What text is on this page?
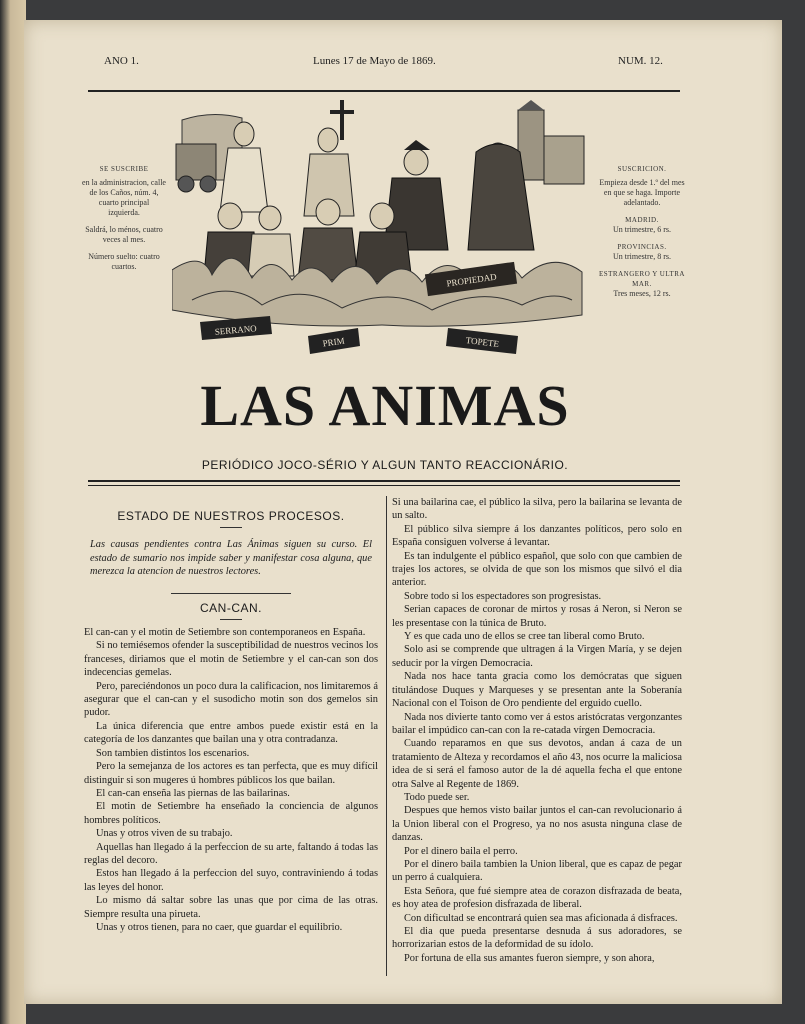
ANO 1.	Lunes 17 de Mayo de 1869.	NUM. 12.
SE SUSCRIBE

en la administracion, calle de los Caños, núm. 4, cuarto principal izquierda.

Saldrá, lo ménos, cuatro veces al mes.

Número suelto: cuatro cuartos.

SUSCRICION.

Empieza desde 1.º del mes en que se haga. Importe adelantado.

MADRID.

Un trimestre, 6 rs.

PROVINCIAS.

Un trimestre, 8 rs.

ESTRANGERO Y ULTRA MAR.

Tres meses, 12 rs.

PROPIEDAD
SERRANO
PRIM	TOPETE
LAS ANIMAS
PERIÓDICO JOCO-SÉRIO Y ALGUN TANTO REACCIONÁRIO.
ESTADO DE NUESTROS PROCESOS.
Las causas pendientes contra Las Ánimas siguen su curso. El estado de sumario nos impide saber y manifestar cosa alguna, que merezca la atencion de nuestros lectores.
CAN-CAN.

El can-can y el motin de Setiembre son contemporaneos en España.

Si no temiésemos ofender la susceptibilidad de nuestros vecinos los franceses, diriamos que el motin de Setiembre y el can-can son dos indecencias gemelas.

Pero, pareciéndonos un poco dura la calificacion, nos limitaremos á asegurar que el can-can y el susodicho motin son dos gemelos sin pudor.

La única diferencia que entre ambos puede existir está en la categoría de los danzantes que bailan una y otra contradanza.

Son tambien distintos los escenarios.

Pero la semejanza de los actores es tan perfecta, que es muy difícil distinguir si son mugeres ú hombres públicos los que bailan.

El can-can enseña las piernas de las bailarinas.

El motin de Setiembre ha enseñado la conciencia de algunos hombres políticos.

Unas y otros viven de su trabajo.

Aquellas han llegado á la perfeccion de su arte, faltando á todas las reglas del decoro.

Estos han llegado á la perfeccion del suyo, contraviniendo á todas las leyes del honor.

Lo mismo dá saltar sobre las unas que por cima de las otras. Siempre resulta una pirueta.

Unas y otros tienen, para no caer, que guardar el equilibrio.

Si una bailarina cae, el público la silva, pero la bailarina se levanta de un salto.

El público silva siempre á los danzantes políticos, pero solo en España consiguen volverse á levantar.

Es tan indulgente el público español, que solo con que cambien de trajes los actores, se olvida de que son los mismos que silvó el dia anterior.

Sobre todo si los espectadores son progresistas.

Serian capaces de coronar de mirtos y rosas á Neron, si Neron se les presentase con la túnica de Bruto.

Y es que cada uno de ellos se cree tan liberal como Bruto.

Solo asi se comprende que ultragen á la Virgen María, y se dejen seducir por la vírgen Democracia.

Nada nos hace tanta gracia como los demócratas que siguen titulándose Duques y Marqueses y se presentan ante la Soberanía Nacional con el Toison de Oro pendiente del erguido cuello.

Nada nos divierte tanto como ver á estos aristócratas vergonzantes bailar el impúdico can-can con la re-catada vírgen Democracia.

Cuando reparamos en que sus devotos, andan á caza de un tratamiento de Alteza y recordamos el año 43, nos ocurre la maliciosa idea de si será el famoso autor de la dé aquella fecha el que entone otra Salve al Regente de 1869.

Todo puede ser.

Despues que hemos visto bailar juntos el can-can revolucionario á la Union liberal con el Progreso, ya no nos asusta ninguna clase de danzas.

Por el dinero baila el perro.

Por el dinero baila tambien la Union liberal, que es capaz de pegar un perro á cualquiera.

Esta Señora, que fué siempre atea de corazon disfrazada de beata, es hoy atea de profesion disfrazada de liberal.

Con dificultad se encontrará quien sea mas aficionada á disfraces.

El dia que pueda presentarse desnuda á sus adoradores, se horrorizarian estos de la deformidad de su ídolo.

Por fortuna de ella sus amantes fueron siempre, y son ahora,
